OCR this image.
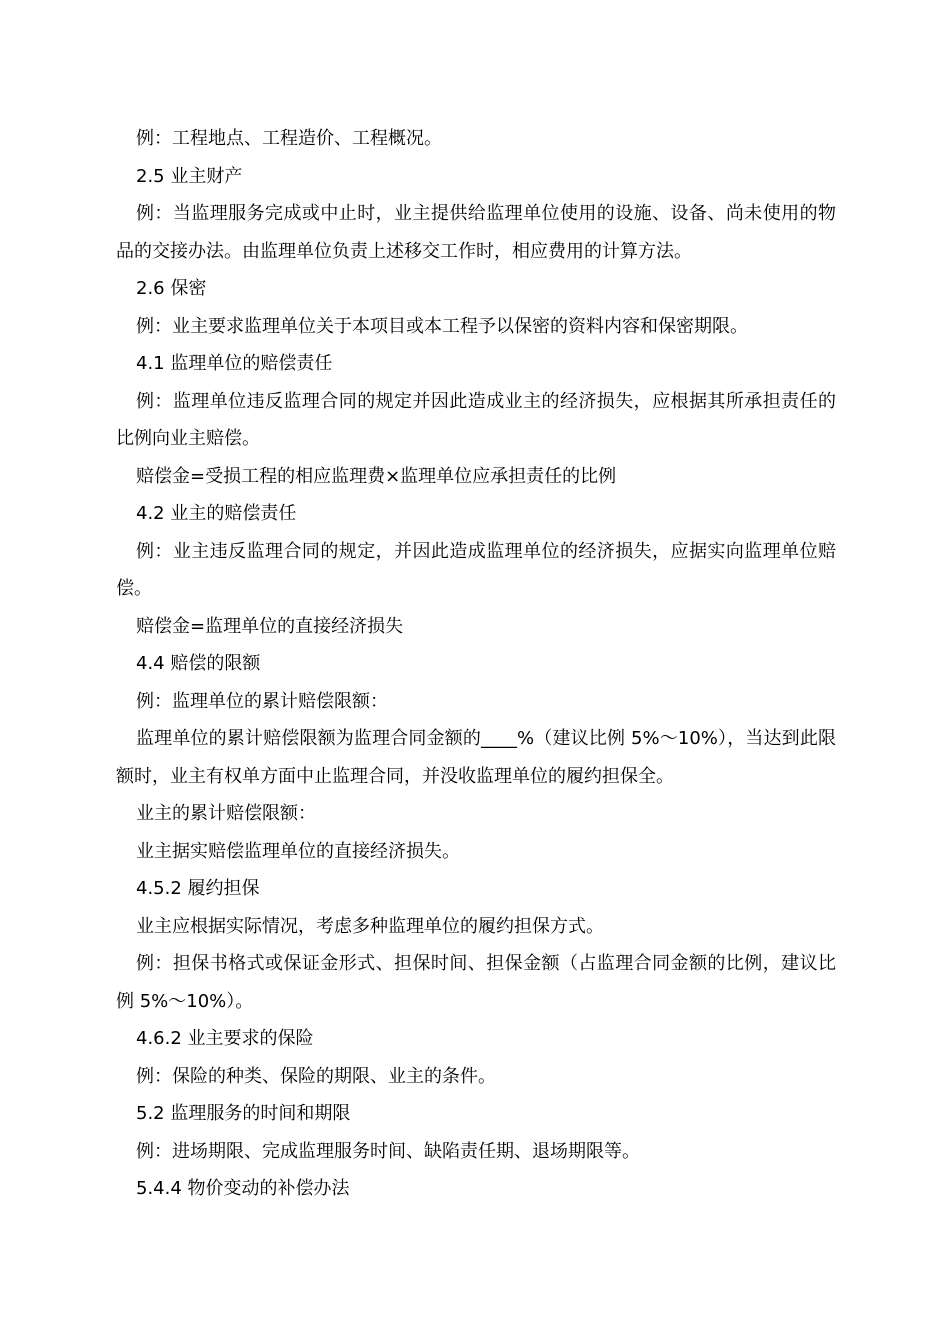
例：工程地点、工程造价、工程概况。

2.5 业主财产

例：当监理服务完成或中止时，业主提供给监理单位使用的设施、设备、尚未使用的物品的交接办法。由监理单位负责上述移交工作时，相应费用的计算方法。

2.6 保密

例：业主要求监理单位关于本项目或本工程予以保密的资料内容和保密期限。

4.1 监理单位的赔偿责任

例：监理单位违反监理合同的规定并因此造成业主的经济损失，应根据其所承担责任的比例向业主赔偿。

赔偿金=受损工程的相应监理费×监理单位应承担责任的比例

4.2 业主的赔偿责任

例：业主违反监理合同的规定，并因此造成监理单位的经济损失，应据实向监理单位赔偿。

赔偿金=监理单位的直接经济损失

4.4 赔偿的限额

例：监理单位的累计赔偿限额：

监理单位的累计赔偿限额为监理合同金额的____%（建议比例 5%～10%），当达到此限额时，业主有权单方面中止监理合同，并没收监理单位的履约担保全。

业主的累计赔偿限额：

业主据实赔偿监理单位的直接经济损失。

4.5.2 履约担保

业主应根据实际情况，考虑多种监理单位的履约担保方式。

例：担保书格式或保证金形式、担保时间、担保金额（占监理合同金额的比例，建议比例 5%～10%）。

4.6.2 业主要求的保险

例：保险的种类、保险的期限、业主的条件。

5.2 监理服务的时间和期限

例：进场期限、完成监理服务时间、缺陷责任期、退场期限等。

5.4.4 物价变动的补偿办法
